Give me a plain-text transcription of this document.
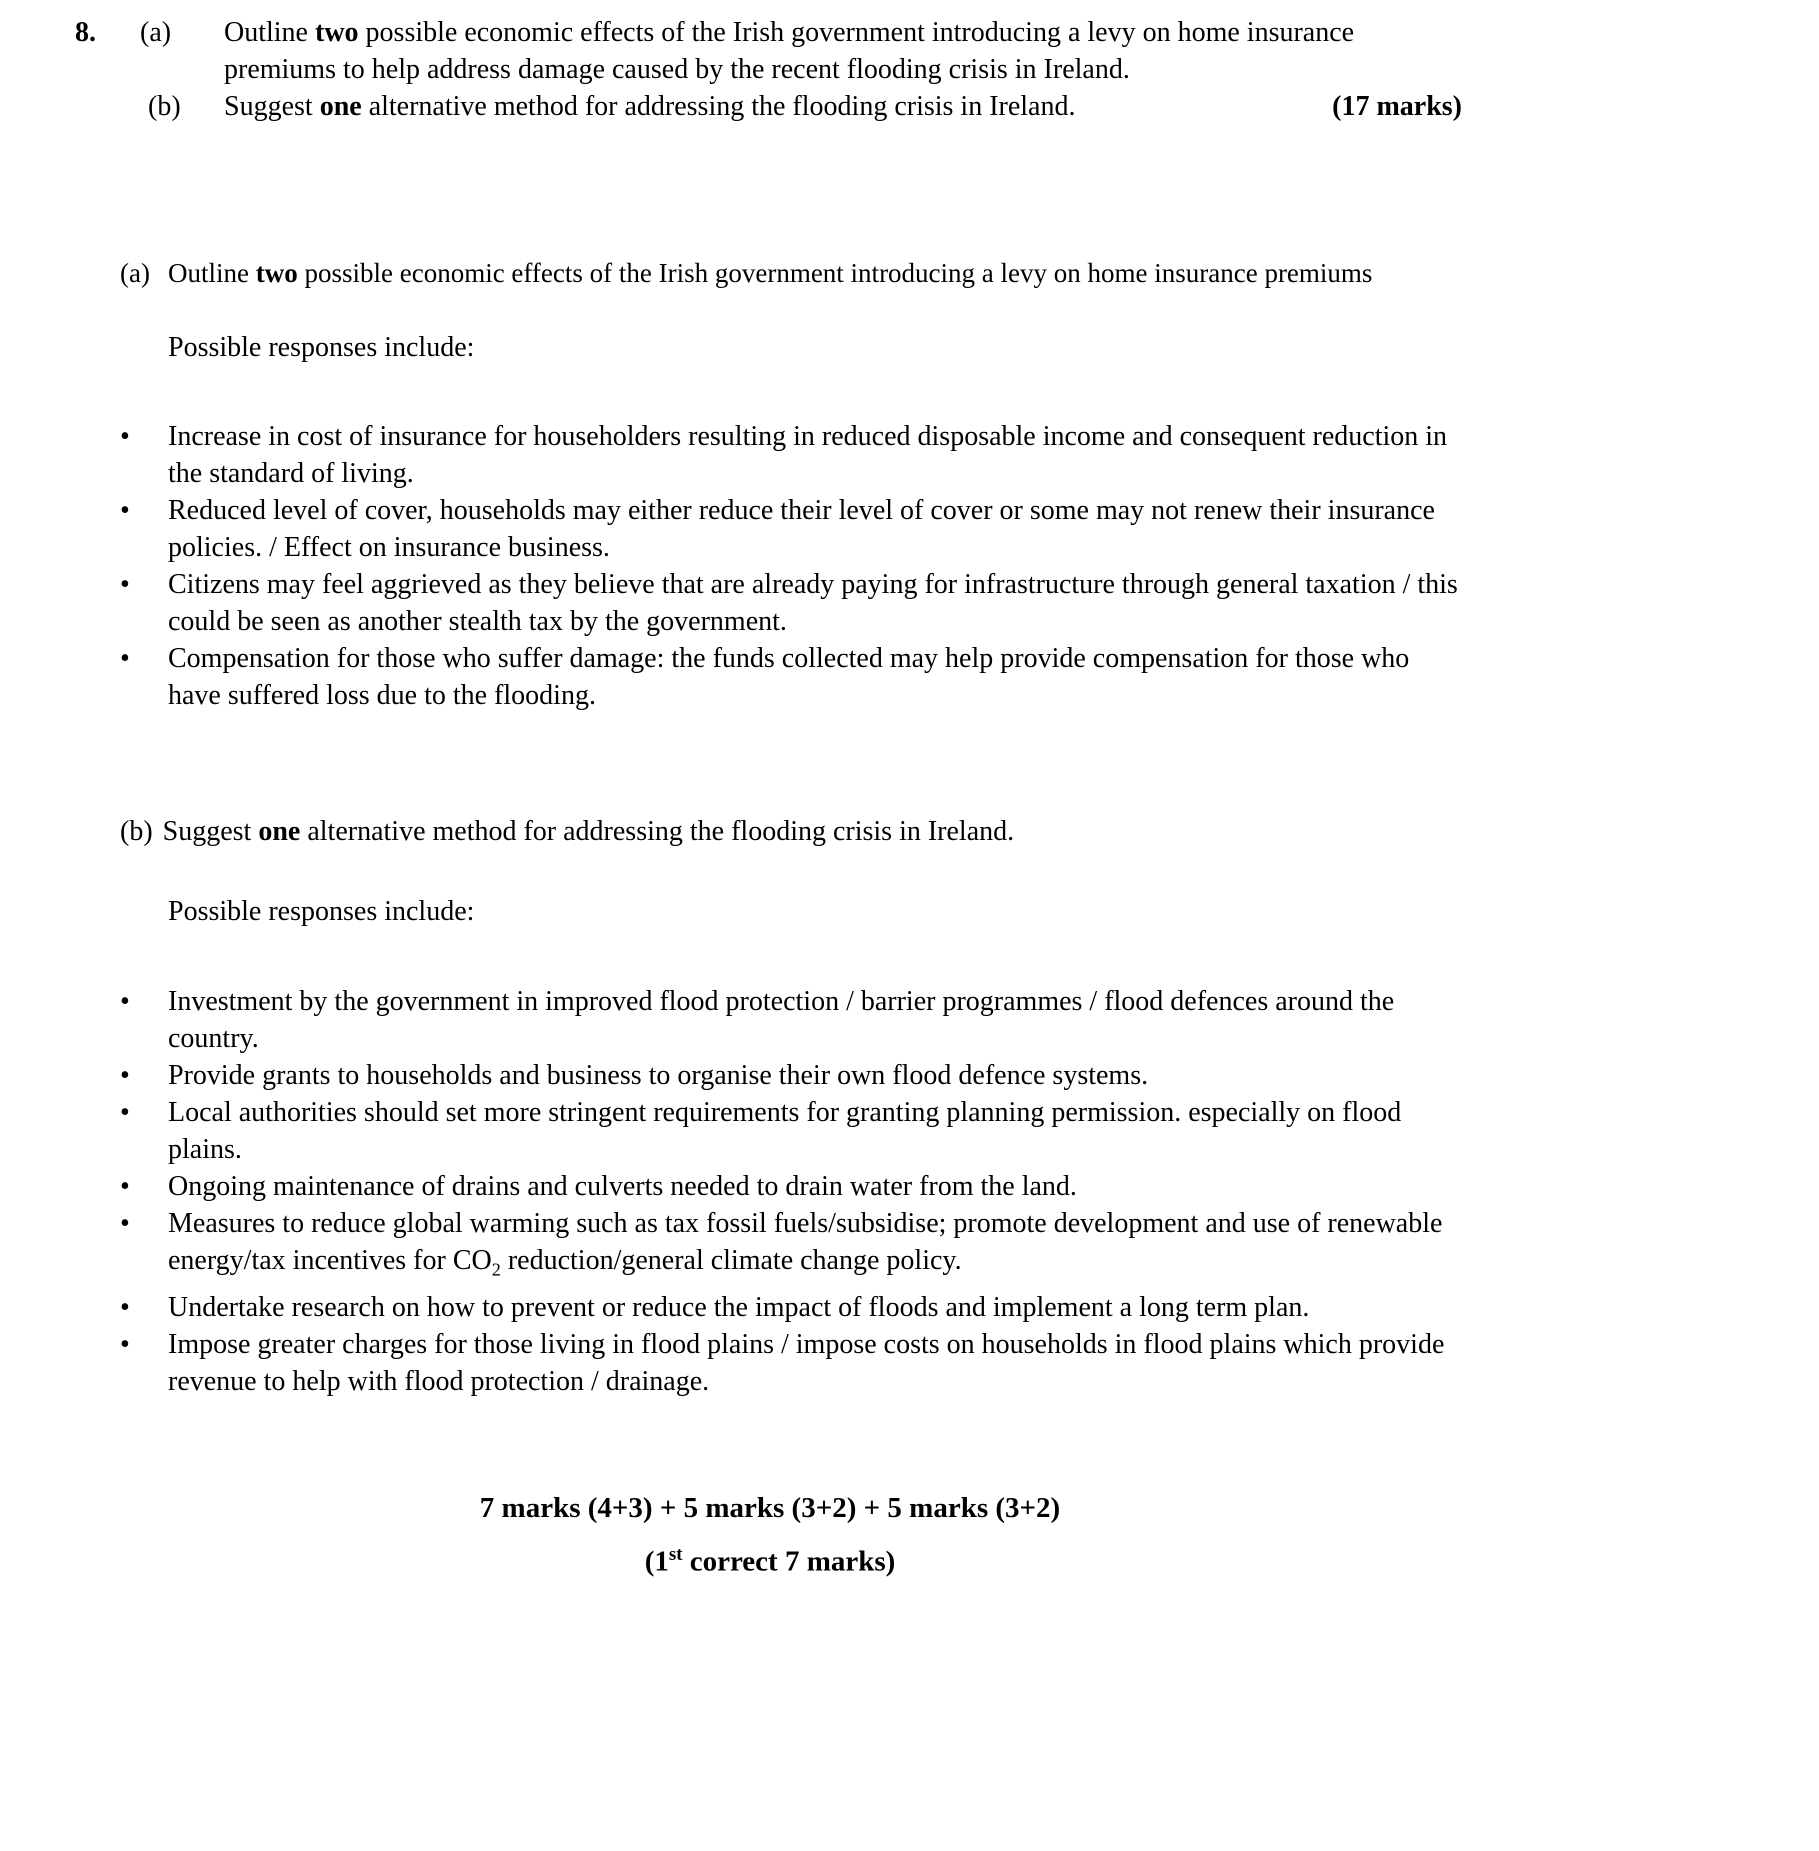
8.	(a)	Outline two possible economic effects of the Irish government introducing a levy on home insurance premiums to help address damage caused by the recent flooding crisis in Ireland.
(b)	Suggest one alternative method for addressing the flooding crisis in Ireland.	(17 marks)
(a) Outline two possible economic effects of the Irish government introducing a levy on home insurance premiums
Possible responses include:
•	Increase in cost of insurance for householders resulting in reduced disposable income and consequent reduction in the standard of living.
•	Reduced level of cover, households may either reduce their level of cover or some may not renew their insurance policies. / Effect on insurance business.
•	Citizens may feel aggrieved as they believe that are already paying for infrastructure through general taxation / this could be seen as another stealth tax by the government.
•	Compensation for those who suffer damage: the funds collected may help provide compensation for those who have suffered loss due to the flooding.
(b) Suggest one alternative method for addressing the flooding crisis in Ireland.
Possible responses include:
•	Investment by the government in improved flood protection / barrier programmes / flood defences around the country.
•	Provide grants to households and business to organise their own flood defence systems.
•	Local authorities should set more stringent requirements for granting planning permission. especially on flood plains.
•	Ongoing maintenance of drains and culverts needed to drain water from the land.
•	Measures to reduce global warming such as tax fossil fuels/subsidise; promote development and use of renewable energy/tax incentives for $CO_2$ reduction/general climate change policy.
•	Undertake research on how to prevent or reduce the impact of floods and implement a long term plan.
•	Impose greater charges for those living in flood plains / impose costs on households in flood plains which provide revenue to help with flood protection / drainage.
7 marks (4+3) + 5 marks (3+2) + 5 marks (3+2)
(1st correct 7 marks)
